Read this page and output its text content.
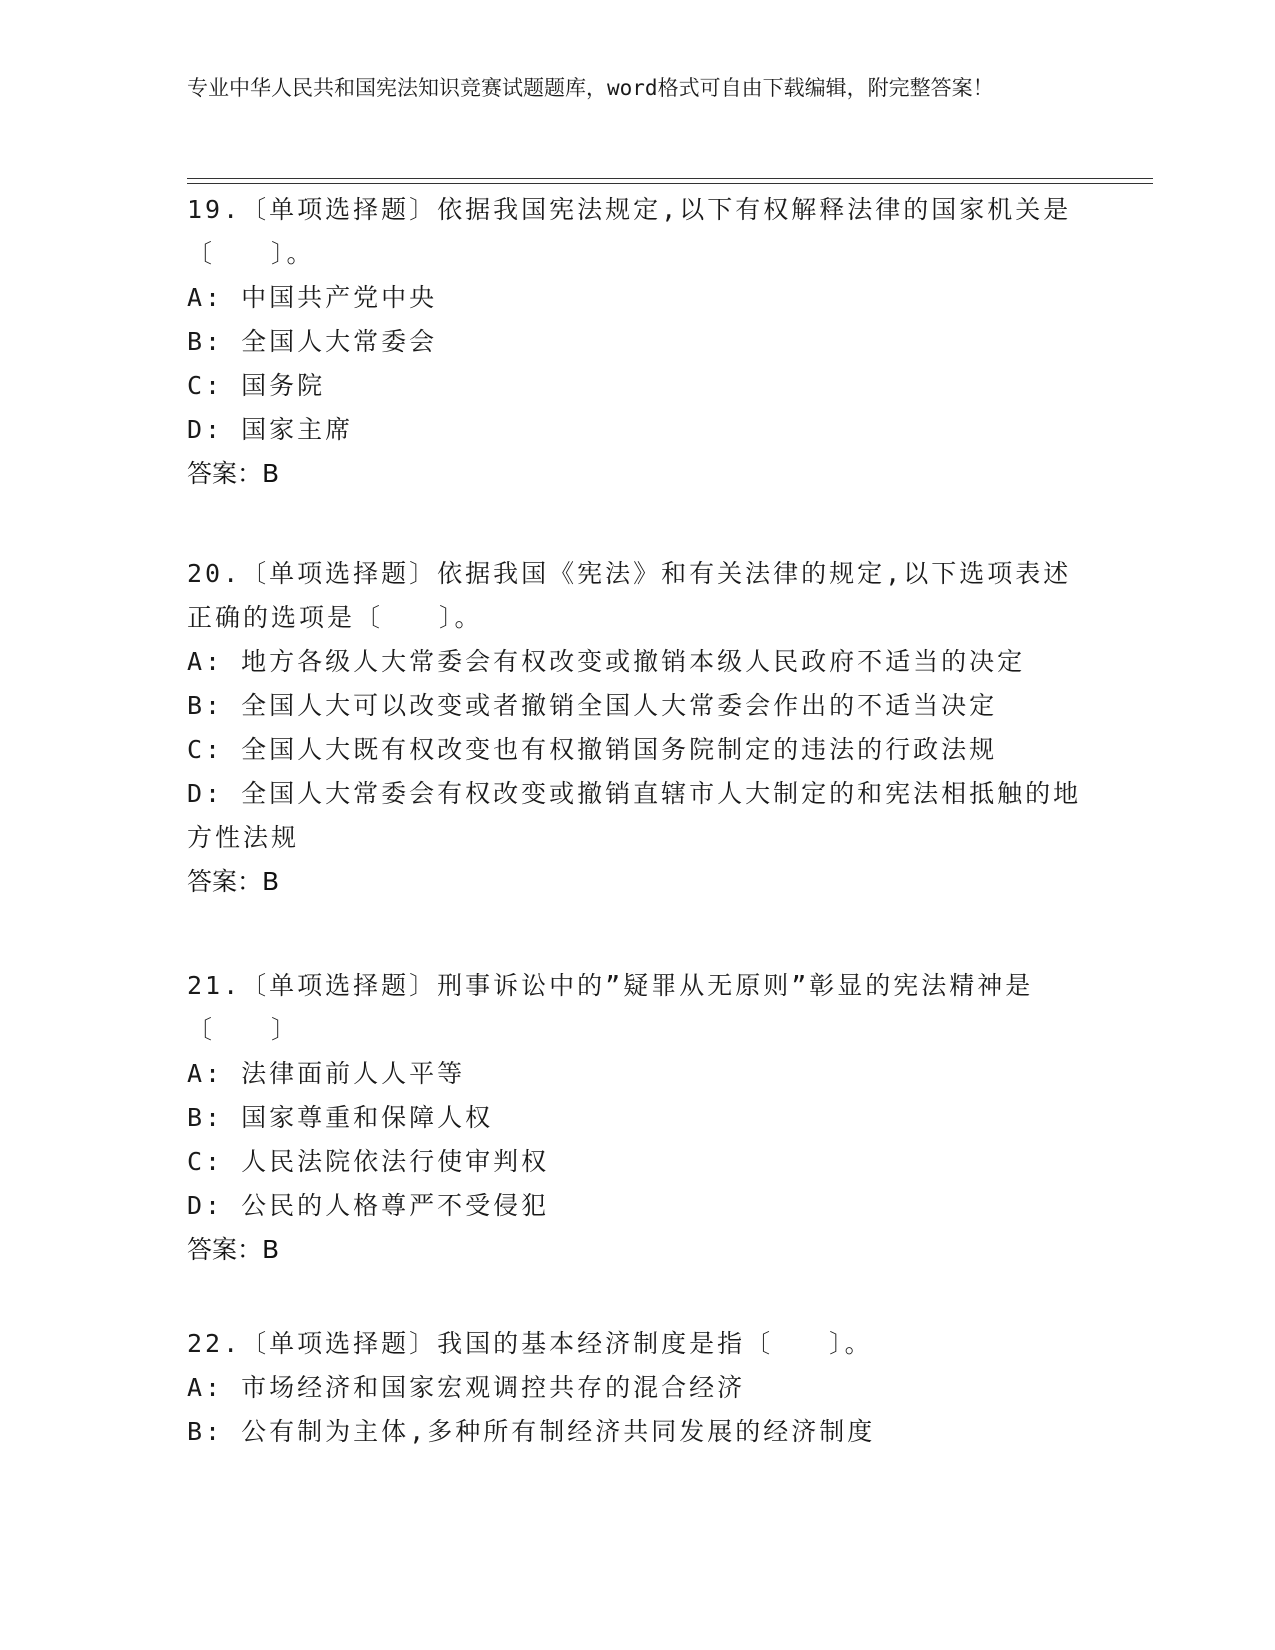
专业中华人民共和国宪法知识竞赛试题题库，word格式可自由下载编辑，附完整答案！

19.〔单项选择题〕依据我国宪法规定,以下有权解释法律的国家机关是〔　　〕。

A: 中国共产党中央

B: 全国人大常委会

C: 国务院

D: 国家主席

答案：B

20.〔单项选择题〕依据我国《宪法》和有关法律的规定,以下选项表述正确的选项是〔　　〕。

A: 地方各级人大常委会有权改变或撤销本级人民政府不适当的决定

B: 全国人大可以改变或者撤销全国人大常委会作出的不适当决定

C: 全国人大既有权改变也有权撤销国务院制定的违法的行政法规

D: 全国人大常委会有权改变或撤销直辖市人大制定的和宪法相抵触的地方性法规

答案：B

21.〔单项选择题〕刑事诉讼中的”疑罪从无原则”彰显的宪法精神是〔　　〕

A: 法律面前人人平等

B: 国家尊重和保障人权

C: 人民法院依法行使审判权

D: 公民的人格尊严不受侵犯

答案：B

22.〔单项选择题〕我国的基本经济制度是指〔　　〕。

A: 市场经济和国家宏观调控共存的混合经济

B: 公有制为主体,多种所有制经济共同发展的经济制度
